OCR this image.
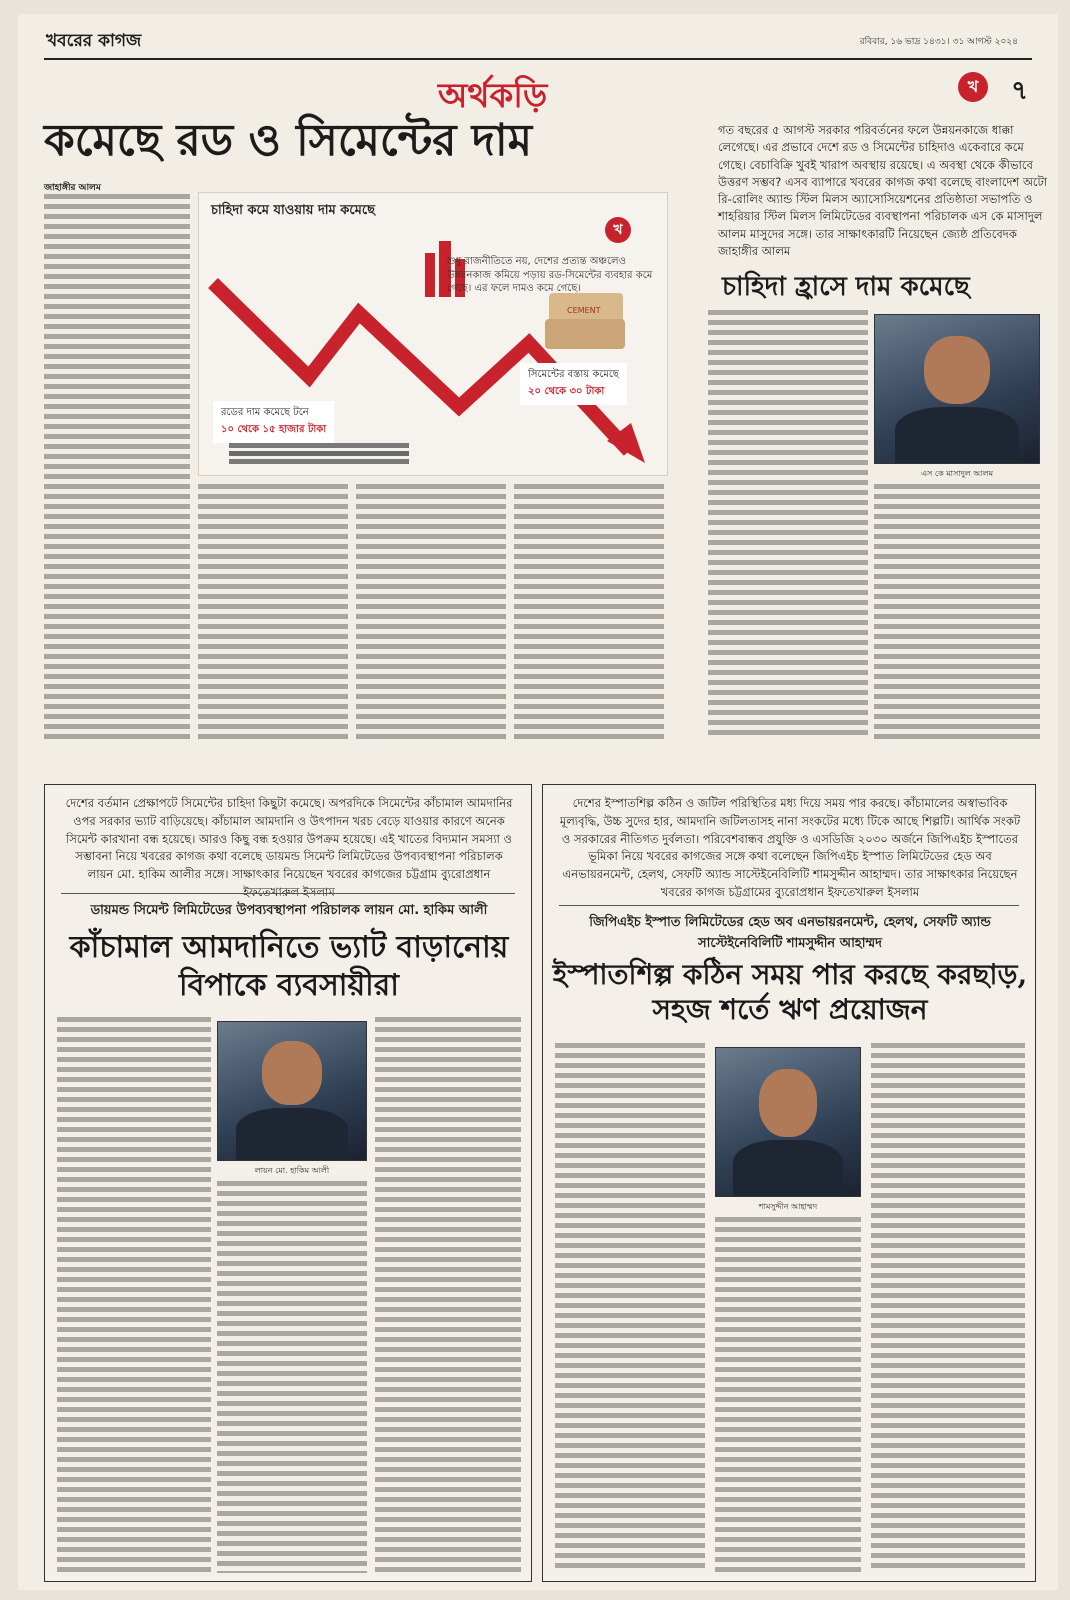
খবরের কাগজ	রবিবার, ১৬ ভাদ্র ১৪৩১। ৩১ আগস্ট ২০২৪
অর্থকড়ি	খ	৭
কমেছে রড ও সিমেন্টের দাম
জাহাঙ্গীর আলম
চাহিদা কমে যাওয়ায় দাম কমেছে
খ
CEMENT
শুধু রাজনীতিতে নয়, দেশের প্রত্যন্ত অঞ্চলেও উন্নয়নকাজ কমিয়ে পড়ায় রড-সিমেন্টের ব্যবহার কমে গেছে। এর ফলে দামও কমে গেছে।
রডের দাম কমেছে টনে
১০ থেকে ১৫ হাজার টাকা
সিমেন্টের বস্তায় কমেছে
২০ থেকে ৩০ টাকা
গত বছরের ৫ আগস্ট সরকার পরিবর্তনের ফলে উন্নয়নকাজে ধাক্কা লেগেছে। এর প্রভাবে দেশে রড ও সিমেন্টের চাহিদাও একেবারে কমে গেছে। বেচাবিক্রি খুবই খারাপ অবস্থায় রয়েছে। এ অবস্থা থেকে কীভাবে উত্তরণ সম্ভব? এসব ব্যাপারে খবরের কাগজ কথা বলেছে বাংলাদেশ অটো রি-রোলিং অ্যান্ড স্টিল মিলস অ্যাসোসিয়েশনের প্রতিষ্ঠাতা সভাপতি ও শাহরিয়ার স্টিল মিলস লিমিটেডের ব্যবস্থাপনা পরিচালক এস কে মাসাদুল আলম মাসুদের সঙ্গে। তার সাক্ষাৎকারটি নিয়েছেন জ্যেষ্ঠ প্রতিবেদক জাহাঙ্গীর আলম
চাহিদা হ্রাসে দাম কমেছে
এস কে মাসাদুল আলম
দেশের বর্তমান প্রেক্ষাপটে সিমেন্টের চাহিদা কিছুটা কমেছে। অপরদিকে সিমেন্টের কাঁচামাল আমদানির ওপর সরকার ভ্যাট বাড়িয়েছে। কাঁচামাল আমদানি ও উৎপাদন খরচ বেড়ে যাওয়ার কারণে অনেক সিমেন্ট কারখানা বন্ধ হয়েছে। আরও কিছু বন্ধ হওয়ার উপক্রম হয়েছে। এই খাতের বিদ্যমান সমস্যা ও সম্ভাবনা নিয়ে খবরের কাগজ কথা বলেছে ডায়মন্ড সিমেন্ট লিমিটেডের উপব্যবস্থাপনা পরিচালক লায়ন মো. হাকিম আলীর সঙ্গে। সাক্ষাৎকার নিয়েছেন খবরের কাগজের চট্টগ্রাম ব্যুরোপ্রধান ইফতেখারুল ইসলাম
ডায়মন্ড সিমেন্ট লিমিটেডের উপব্যবস্থাপনা পরিচালক লায়ন মো. হাকিম আলী
কাঁচামাল আমদানিতে ভ্যাট বাড়ানোয় বিপাকে ব্যবসায়ীরা
লায়ন মো. হাকিম আলী
দেশের ইস্পাতশিল্প কঠিন ও জটিল পরিস্থিতির মধ্য দিয়ে সময় পার করছে। কাঁচামালের অস্বাভাবিক মূল্যবৃদ্ধি, উচ্চ সুদের হার, আমদানি জটিলতাসহ নানা সংকটের মধ্যে টিকে আছে শিল্পটি। আর্থিক সংকট ও সরকারের নীতিগত দুর্বলতা। পরিবেশবান্ধব প্রযুক্তি ও এসডিজি ২০৩০ অর্জনে জিপিএইচ ইস্পাতের ভূমিকা নিয়ে খবরের কাগজের সঙ্গে কথা বলেছেন জিপিএইচ ইস্পাত লিমিটেডের হেড অব এনভায়রনমেন্ট, হেলথ, সেফটি অ্যান্ড সাস্টেইনেবিলিটি শামসুদ্দীন আহাম্মদ। তার সাক্ষাৎকার নিয়েছেন খবরের কাগজ চট্টগ্রামের ব্যুরোপ্রধান ইফতেখারুল ইসলাম
জিপিএইচ ইস্পাত লিমিটেডের হেড অব এনভায়রনমেন্ট, হেলথ, সেফটি অ্যান্ড সাস্টেইনেবিলিটি শামসুদ্দীন আহাম্মদ
ইস্পাতশিল্প কঠিন সময় পার করছে করছাড়, সহজ শর্তে ঋণ প্রয়োজন
শামসুদ্দীন আহাম্মদ
